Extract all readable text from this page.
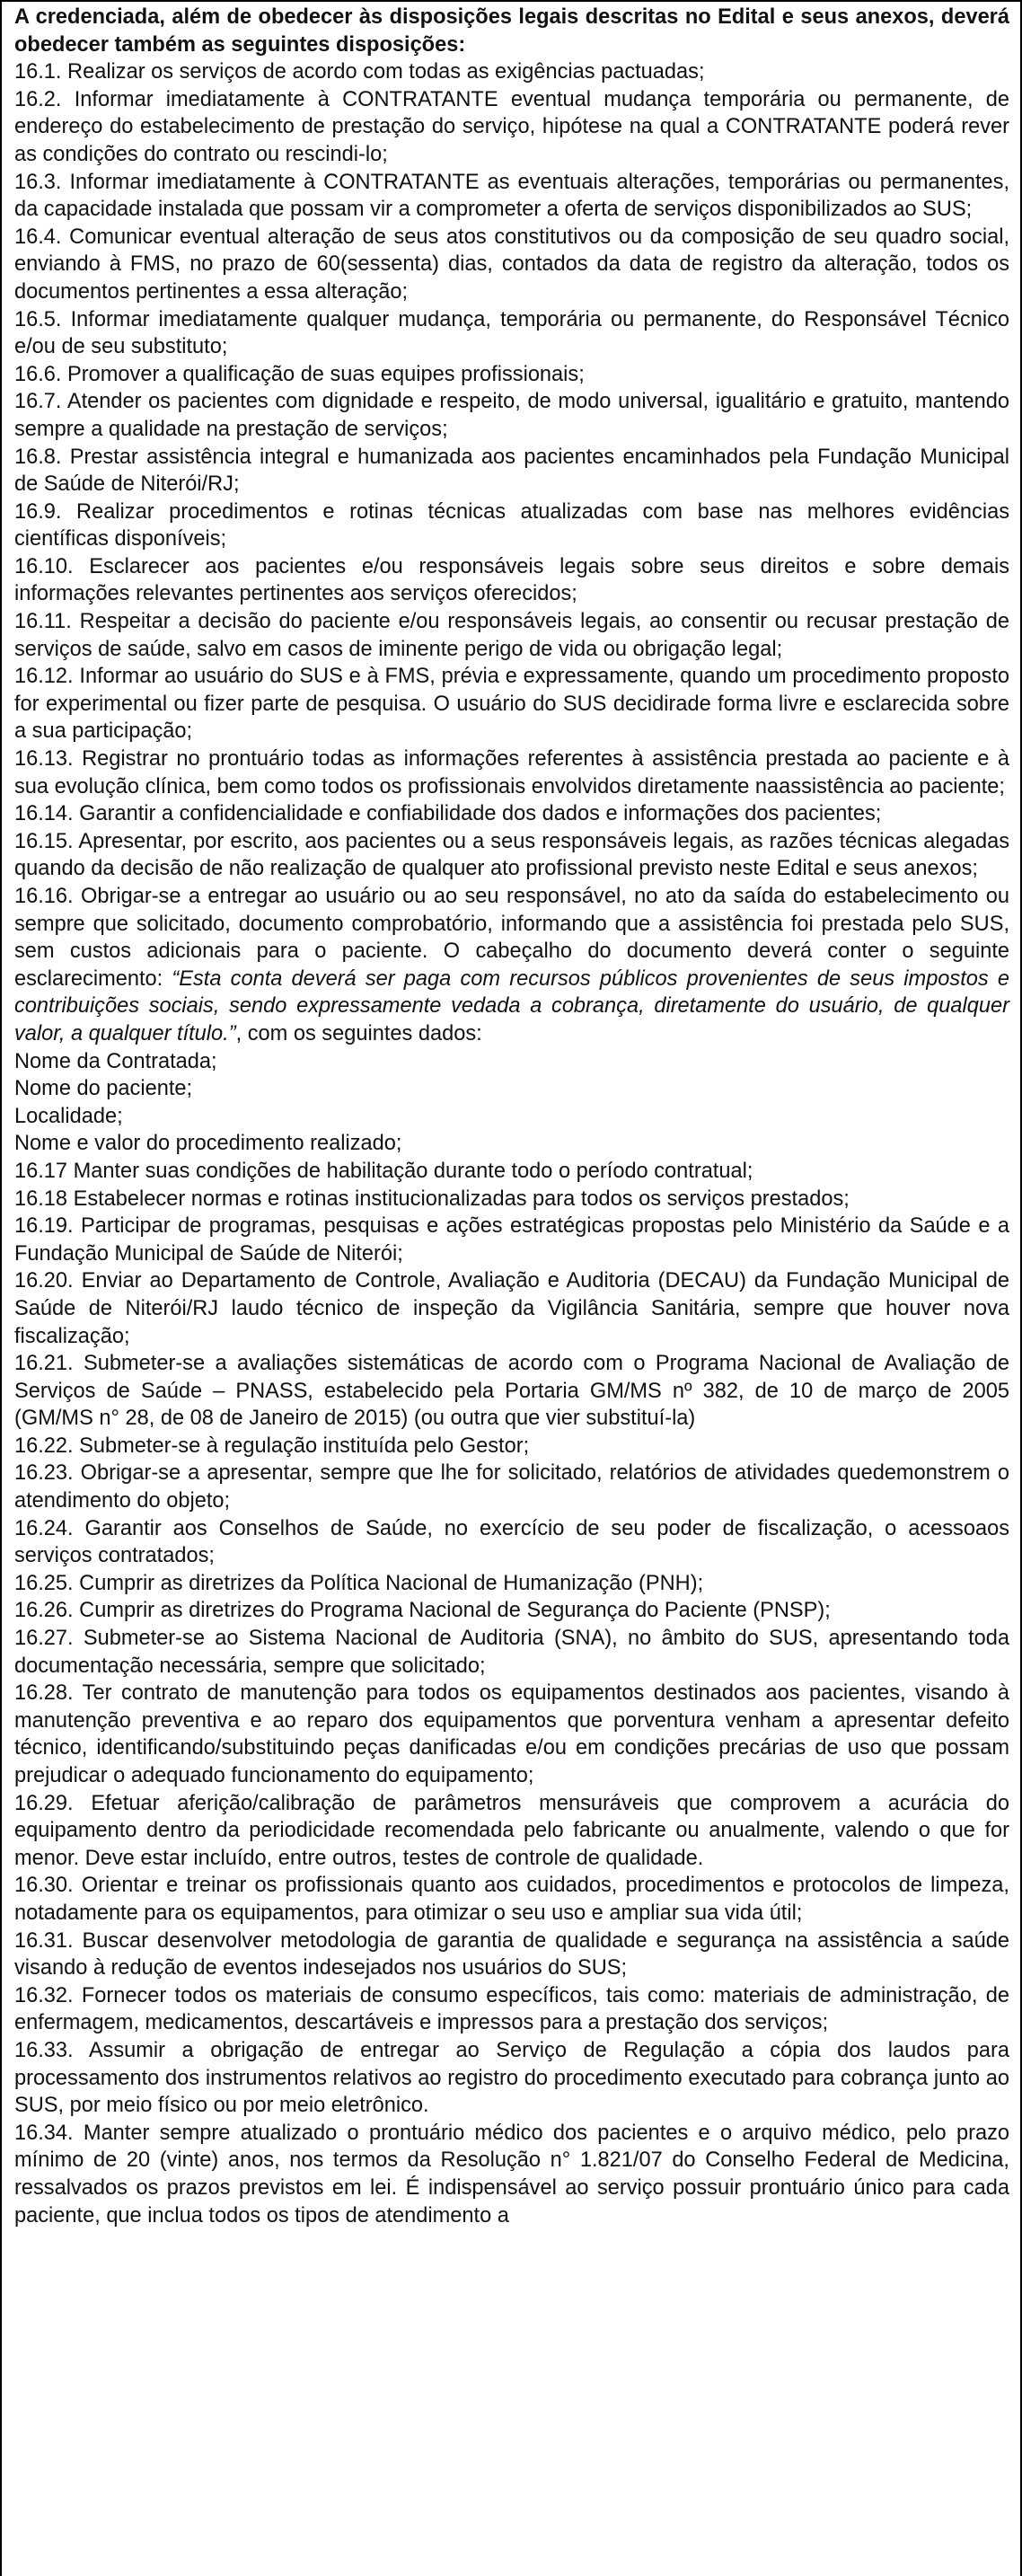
A credenciada, além de obedecer às disposições legais descritas no Edital e seus anexos, deverá obedecer também as seguintes disposições:

16.1. Realizar os serviços de acordo com todas as exigências pactuadas;

16.2. Informar imediatamente à CONTRATANTE eventual mudança temporária ou permanente, de endereço do estabelecimento de prestação do serviço, hipótese na qual a CONTRATANTE poderá rever as condições do contrato ou rescindi-lo;

16.3. Informar imediatamente à CONTRATANTE as eventuais alterações, temporárias ou permanentes, da capacidade instalada que possam vir a comprometer a oferta de serviços disponibilizados ao SUS;

16.4. Comunicar eventual alteração de seus atos constitutivos ou da composição de seu quadro social, enviando à FMS, no prazo de 60(sessenta) dias, contados da data de registro da alteração, todos os documentos pertinentes a essa alteração;

16.5. Informar imediatamente qualquer mudança, temporária ou permanente, do Responsável Técnico e/ou de seu substituto;

16.6. Promover a qualificação de suas equipes profissionais;

16.7. Atender os pacientes com dignidade e respeito, de modo universal, igualitário e gratuito, mantendo sempre a qualidade na prestação de serviços;

16.8. Prestar assistência integral e humanizada aos pacientes encaminhados pela Fundação Municipal de Saúde de Niterói/RJ;

16.9. Realizar procedimentos e rotinas técnicas atualizadas com base nas melhores evidências científicas disponíveis;

16.10. Esclarecer aos pacientes e/ou responsáveis legais sobre seus direitos e sobre demais informações relevantes pertinentes aos serviços oferecidos;

16.11. Respeitar a decisão do paciente e/ou responsáveis legais, ao consentir ou recusar prestação de serviços de saúde, salvo em casos de iminente perigo de vida ou obrigação legal;

16.12. Informar ao usuário do SUS e à FMS, prévia e expressamente, quando um procedimento proposto for experimental ou fizer parte de pesquisa. O usuário do SUS decidirade forma livre e esclarecida sobre a sua participação;

16.13. Registrar no prontuário todas as informações referentes à assistência prestada ao paciente e à sua evolução clínica, bem como todos os profissionais envolvidos diretamente naassistência ao paciente;

16.14. Garantir a confidencialidade e confiabilidade dos dados e informações dos pacientes;

16.15. Apresentar, por escrito, aos pacientes ou a seus responsáveis legais, as razões técnicas alegadas quando da decisão de não realização de qualquer ato profissional previsto neste Edital e seus anexos;

16.16. Obrigar-se a entregar ao usuário ou ao seu responsável, no ato da saída do estabelecimento ou sempre que solicitado, documento comprobatório, informando que a assistência foi prestada pelo SUS, sem custos adicionais para o paciente. O cabeçalho do documento deverá conter o seguinte esclarecimento: “Esta conta deverá ser paga com recursos públicos provenientes de seus impostos e contribuições sociais, sendo expressamente vedada a cobrança, diretamente do usuário, de qualquer valor, a qualquer título.”, com os seguintes dados:

Nome da Contratada;

Nome do paciente;

Localidade;

Nome e valor do procedimento realizado;

16.17 Manter suas condições de habilitação durante todo o período contratual;

16.18 Estabelecer normas e rotinas institucionalizadas para todos os serviços prestados;

16.19. Participar de programas, pesquisas e ações estratégicas propostas pelo Ministério da Saúde e a Fundação Municipal de Saúde de Niterói;

16.20. Enviar ao Departamento de Controle, Avaliação e Auditoria (DECAU) da Fundação Municipal de Saúde de Niterói/RJ laudo técnico de inspeção da Vigilância Sanitária, sempre que houver nova fiscalização;

16.21. Submeter-se a avaliações sistemáticas de acordo com o Programa Nacional de Avaliação de Serviços de Saúde – PNASS, estabelecido pela Portaria GM/MS nº 382, de 10 de março de 2005 (GM/MS n° 28, de 08 de Janeiro de 2015) (ou outra que vier substituí-la)

16.22. Submeter-se à regulação instituída pelo Gestor;

16.23. Obrigar-se a apresentar, sempre que lhe for solicitado, relatórios de atividades quedemonstrem o atendimento do objeto;

16.24. Garantir aos Conselhos de Saúde, no exercício de seu poder de fiscalização, o acessoaos serviços contratados;

16.25. Cumprir as diretrizes da Política Nacional de Humanização (PNH);

16.26. Cumprir as diretrizes do Programa Nacional de Segurança do Paciente (PNSP);

16.27. Submeter-se ao Sistema Nacional de Auditoria (SNA), no âmbito do SUS, apresentando toda documentação necessária, sempre que solicitado;

16.28. Ter contrato de manutenção para todos os equipamentos destinados aos pacientes, visando à manutenção preventiva e ao reparo dos equipamentos que porventura venham a apresentar defeito técnico, identificando/substituindo peças danificadas e/ou em condições precárias de uso que possam prejudicar o adequado funcionamento do equipamento;

16.29. Efetuar aferição/calibração de parâmetros mensuráveis que comprovem a acurácia do equipamento dentro da periodicidade recomendada pelo fabricante ou anualmente, valendo o que for menor. Deve estar incluído, entre outros, testes de controle de qualidade.

16.30. Orientar e treinar os profissionais quanto aos cuidados, procedimentos e protocolos de limpeza, notadamente para os equipamentos, para otimizar o seu uso e ampliar sua vida útil;

16.31. Buscar desenvolver metodologia de garantia de qualidade e segurança na assistência a saúde visando à redução de eventos indesejados nos usuários do SUS;

16.32. Fornecer todos os materiais de consumo específicos, tais como: materiais de administração, de enfermagem, medicamentos, descartáveis e impressos para a prestação dos serviços;

16.33. Assumir a obrigação de entregar ao Serviço de Regulação a cópia dos laudos para processamento dos instrumentos relativos ao registro do procedimento executado para cobrança junto ao SUS, por meio físico ou por meio eletrônico.

16.34. Manter sempre atualizado o prontuário médico dos pacientes e o arquivo médico, pelo prazo mínimo de 20 (vinte) anos, nos termos da Resolução n° 1.821/07 do Conselho Federal de Medicina, ressalvados os prazos previstos em lei. É indispensável ao serviço possuir prontuário único para cada paciente, que inclua todos os tipos de atendimento a
